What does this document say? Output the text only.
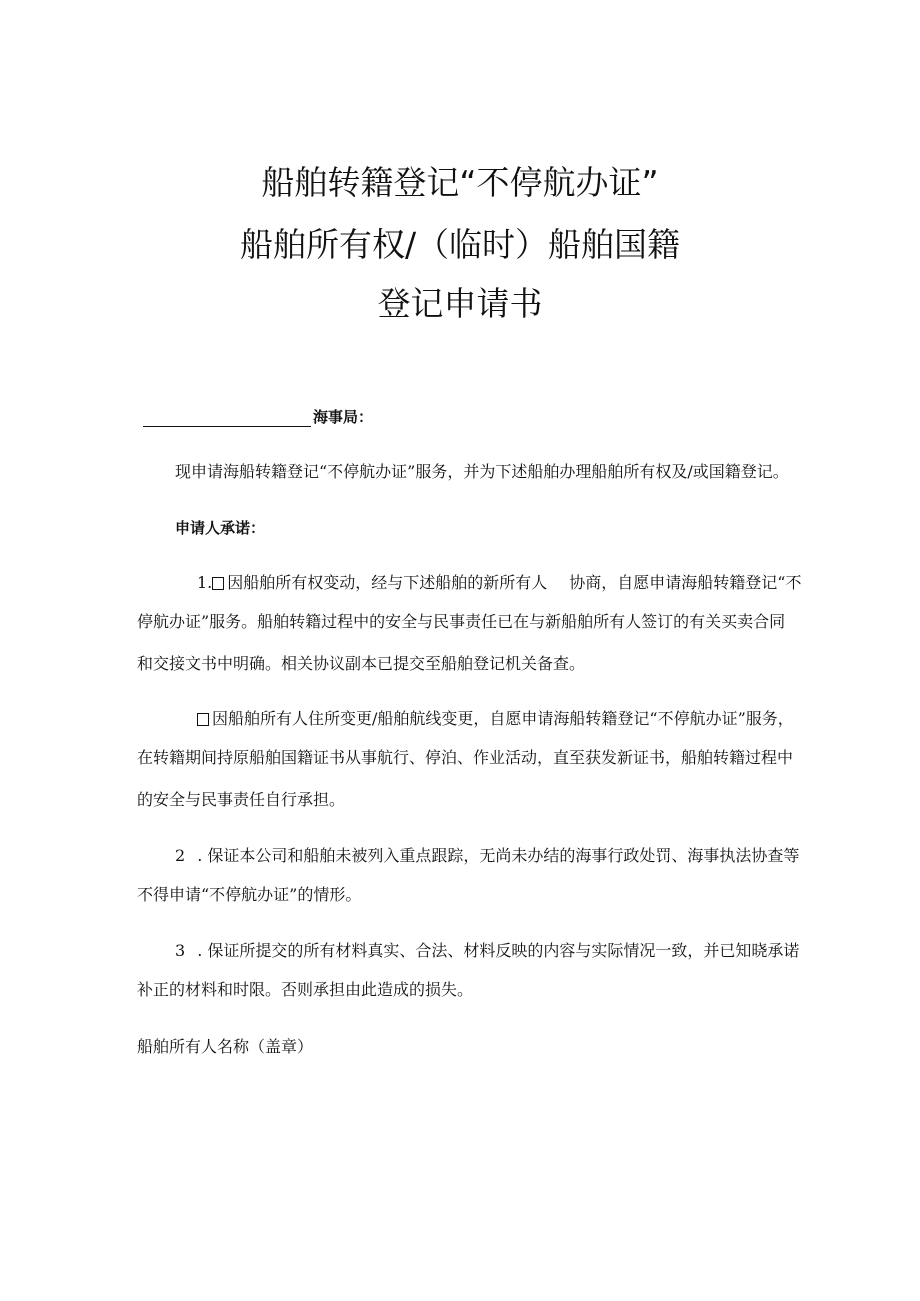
船舶转籍登记“不停航办证”
船舶所有权/（临时）船舶国籍
登记申请书
海事局：
现申请海船转籍登记“不停航办证”服务，并为下述船舶办理船舶所有权及/或国籍登记。
申请人承诺：
1. 因船舶所有权变动，经与下述船舶的新所有人 协商，自愿申请海船转籍登记“不
停航办证”服务。船舶转籍过程中的安全与民事责任已在与新船舶所有人签订的有关买卖合同
和交接文书中明确。相关协议副本已提交至船舶登记机关备查。
因船舶所有人住所变更/船舶航线变更，自愿申请海船转籍登记“不停航办证”服务，
在转籍期间持原船舶国籍证书从事航行、停泊、作业活动，直至获发新证书，船舶转籍过程中
的安全与民事责任自行承担。
2 . 保证本公司和船舶未被列入重点跟踪，无尚未办结的海事行政处罚、海事执法协查等
不得申请“不停航办证”的情形。
3 . 保证所提交的所有材料真实、合法、材料反映的内容与实际情况一致，并已知晓承诺
补正的材料和时限。否则承担由此造成的损失。
船舶所有人名称（盖章）
